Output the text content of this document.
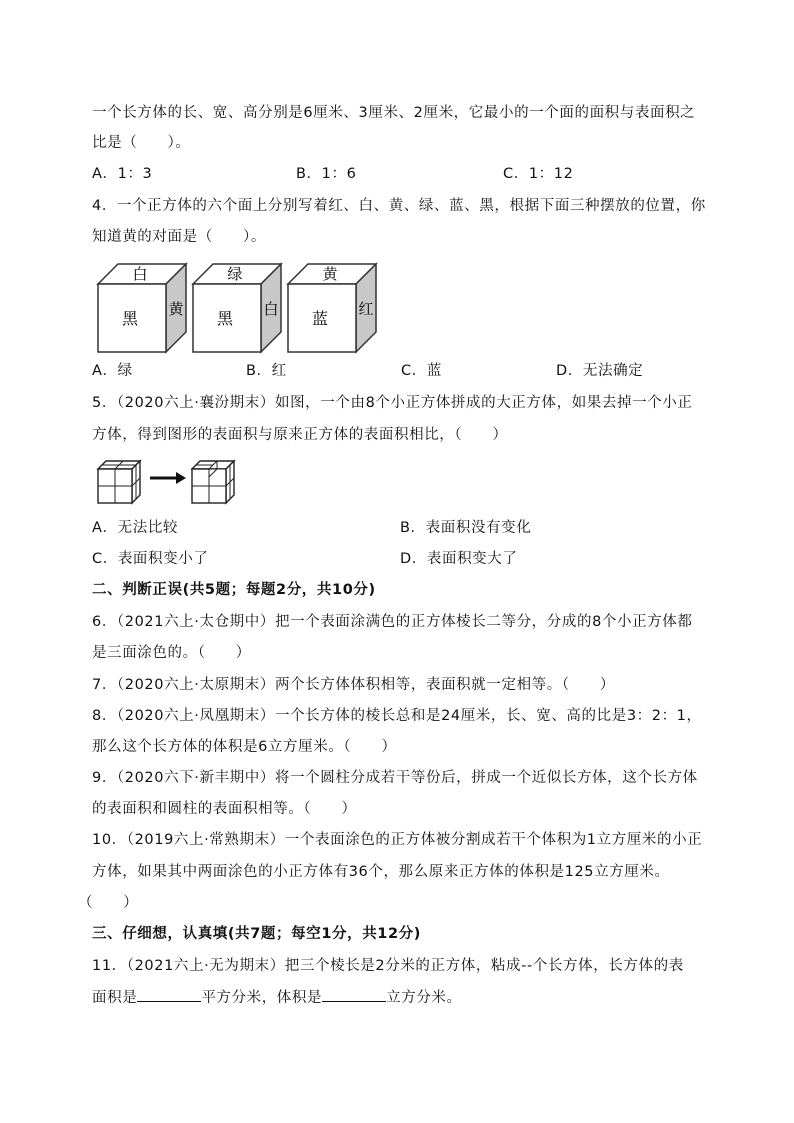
一个长方体的长、宽、高分别是6厘米、3厘米、2厘米，它最小的一个面的面积与表面积之
比是（　　）。
A．1：3	B．1：6	C．1：12
4．一个正方体的六个面上分别写着红、白、黄、绿、蓝、黑，根据下面三种摆放的位置，你
知道黄的对面是（　　）。
白
黑 黄
绿
黑 白
黄
蓝 红
A．绿	B．红	C．蓝	D．无法确定
5．（2020六上·襄汾期末）如图，一个由8个小正方体拼成的大正方体，如果去掉一个小正
方体，得到图形的表面积与原来正方体的表面积相比，（　　）
A．无法比较	B．表面积没有变化
C．表面积变小了	D．表面积变大了
二、判断正误(共5题；每题2分，共10分)
6．（2021六上·太仓期中）把一个表面涂满色的正方体棱长二等分，分成的8个小正方体都
是三面涂色的。（　　）
7．（2020六上·太原期末）两个长方体体积相等，表面积就一定相等。（　　）
8．（2020六上·凤凰期末）一个长方体的棱长总和是24厘米，长、宽、高的比是3：2：1，
那么这个长方体的体积是6立方厘米。（　　）
9．（2020六下·新丰期中）将一个圆柱分成若干等份后，拼成一个近似长方体，这个长方体
的表面积和圆柱的表面积相等。（　　）
10．（2019六上·常熟期末）一个表面涂色的正方体被分割成若干个体积为1立方厘米的小正
方体，如果其中两面涂色的小正方体有36个，那么原来正方体的体积是125立方厘米。
（　　）
三、仔细想，认真填(共7题；每空1分，共12分)
11．（2021六上·无为期末）把三个棱长是2分米的正方体，粘成--个长方体，长方体的表
面积是	平方分米，体积是	立方分米。
